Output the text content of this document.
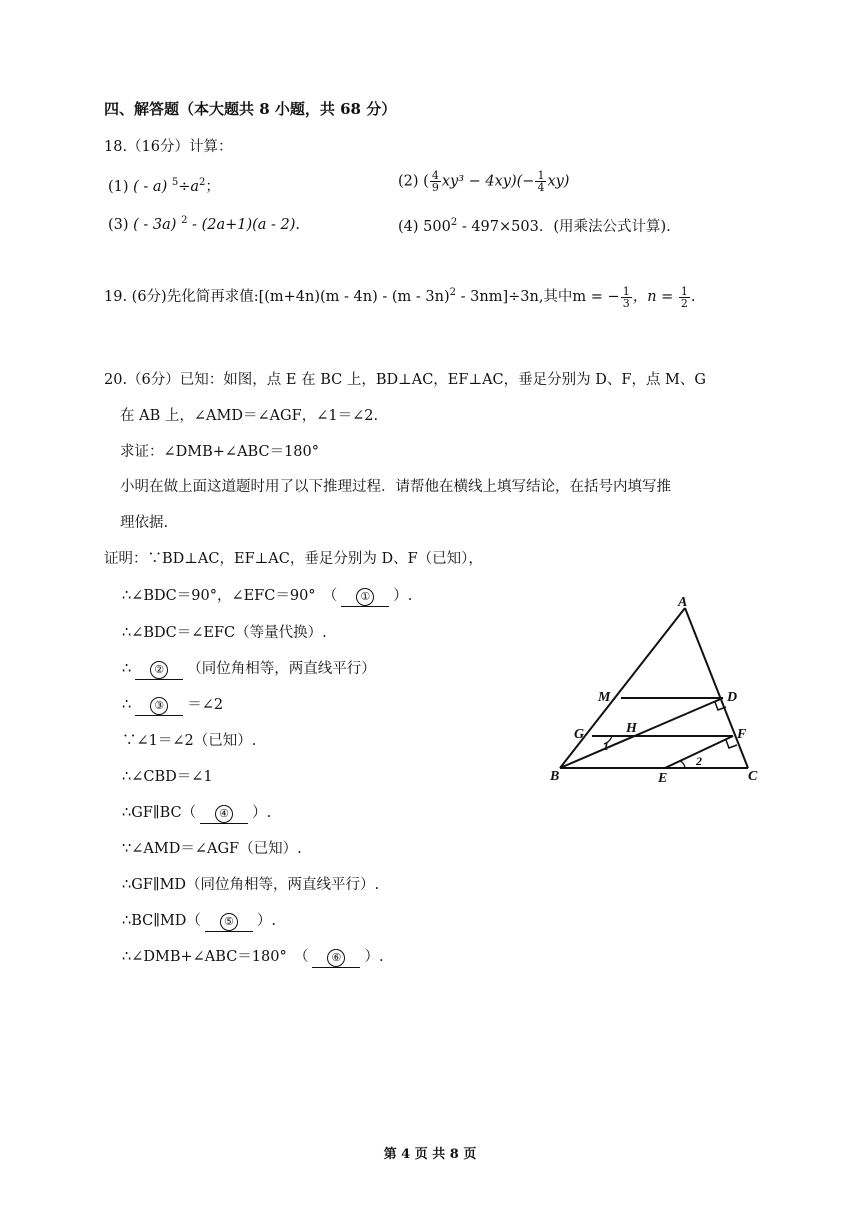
四、解答题（本大题共 8 小题，共 68 分）
18.（16分）计算：
(1) ( - a) $^5\div a^2$；	(2) ( $\frac{4}{9} xy^3 - 4xy)(- \frac{1}{4} xy)$
(3) ( - 3a) $^2$ - (2a+1)(a - 2).	(4) $500^2 - 497\times 503$．(用乘法公式计算).
19. (6分)先化简再求值:[(m+4n)(m - 4n) - (m - 3n)$^2$ - 3nm]÷3n,其中m = − $\frac{1}{3}$ ，$n = \frac{1}{2}$ .
20.（6分）已知：如图，点 E 在 BC 上，BD⊥AC，EF⊥AC，垂足分别为 D、F，点 M、G
在 AB 上，∠AMD＝∠AGF，∠1＝∠2.
求证：∠DMB+∠ABC＝180°
小明在做上面这道题时用了以下推理过程．请帮他在横线上填写结论，在括号内填写推
理依据.
证明：∵BD⊥AC，EF⊥AC，垂足分别为 D、F（已知），
∴∠BDC＝90°，∠EFC＝90°　（ ① ）.
∴∠BDC＝∠EFC（等量代换）.
∴ ② （同位角相等，两直线平行）
∴ ③ ＝∠2
∵∠1＝∠2（已知）.
∴∠CBD＝∠1
∴GF∥BC（ ④ ）.
∵∠AMD＝∠AGF（已知）.
∴GF∥MD（同位角相等，两直线平行）.
∴BC∥MD（ ⑤ ）.
∴∠DMB+∠ABC＝180°　（ ⑥ ）.
A
M	D
G	H	F
B	E	C
1
2
第 4 页 共 8 页
